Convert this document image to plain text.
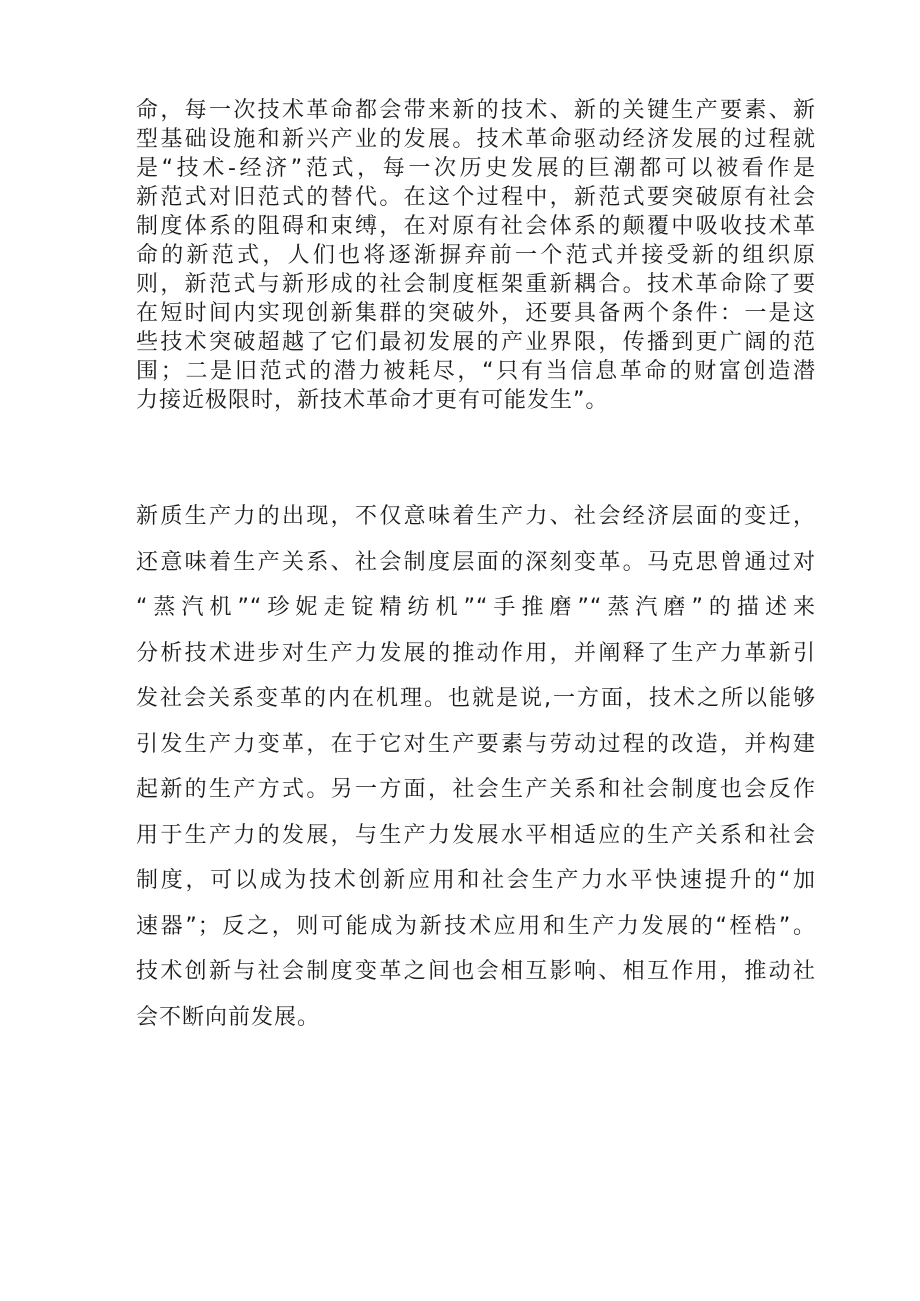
命，每一次技术革命都会带来新的技术、新的关键生产要素、新
型基础设施和新兴产业的发展。技术革命驱动经济发展的过程就
是“技术-经济”范式，每一次历史发展的巨潮都可以被看作是
新范式对旧范式的替代。在这个过程中，新范式要突破原有社会
制度体系的阻碍和束缚，在对原有社会体系的颠覆中吸收技术革
命的新范式，人们也将逐渐摒弃前一个范式并接受新的组织原
则，新范式与新形成的社会制度框架重新耦合。技术革命除了要
在短时间内实现创新集群的突破外，还要具备两个条件：一是这
些技术突破超越了它们最初发展的产业界限，传播到更广阔的范
围；二是旧范式的潜力被耗尽，“只有当信息革命的财富创造潜
力接近极限时，新技术革命才更有可能发生”。
新质生产力的出现，不仅意味着生产力、社会经济层面的变迁，
还意味着生产关系、社会制度层面的深刻变革。马克思曾通过对
“蒸汽机”“珍妮走锭精纺机”“手推磨”“蒸汽磨”的描述来
分析技术进步对生产力发展的推动作用，并阐释了生产力革新引
发社会关系变革的内在机理。也就是说,一方面，技术之所以能够
引发生产力变革，在于它对生产要素与劳动过程的改造，并构建
起新的生产方式。另一方面，社会生产关系和社会制度也会反作
用于生产力的发展，与生产力发展水平相适应的生产关系和社会
制度，可以成为技术创新应用和社会生产力水平快速提升的“加
速器”；反之，则可能成为新技术应用和生产力发展的“桎梏”。
技术创新与社会制度变革之间也会相互影响、相互作用，推动社
会不断向前发展。
